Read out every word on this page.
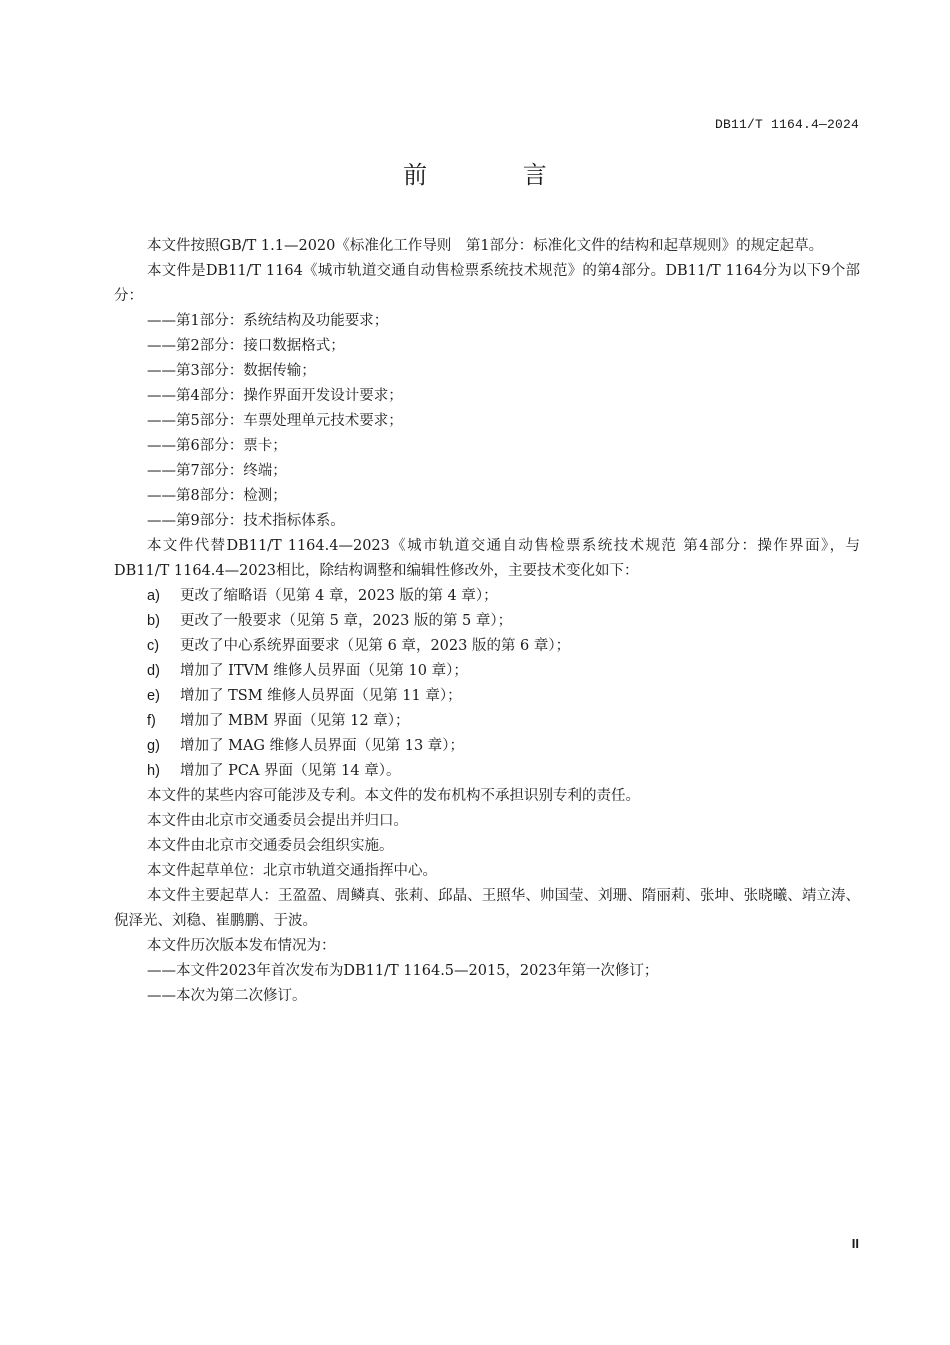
DB11/T 1164.4—2024
前 言

本文件按照GB/T 1.1—2020《标准化工作导则　第1部分：标准化文件的结构和起草规则》的规定起草。

本文件是DB11/T 1164《城市轨道交通自动售检票系统技术规范》的第4部分。DB11/T 1164分为以下9个部分：

——第1部分：系统结构及功能要求；

——第2部分：接口数据格式；

——第3部分：数据传输；

——第4部分：操作界面开发设计要求；

——第5部分：车票处理单元技术要求；

——第6部分：票卡；

——第7部分：终端；

——第8部分：检测；

——第9部分：技术指标体系。

本文件代替DB11/T 1164.4—2023《城市轨道交通自动售检票系统技术规范 第4部分：操作界面》，与DB11/T 1164.4—2023相比，除结构调整和编辑性修改外，主要技术变化如下：

a)	更改了缩略语（见第 4 章，2023 版的第 4 章）；
b)	更改了一般要求（见第 5 章，2023 版的第 5 章）；
c)	更改了中心系统界面要求（见第 6 章，2023 版的第 6 章）；
d)	增加了 ITVM 维修人员界面（见第 10 章）；
e)	增加了 TSM 维修人员界面（见第 11 章）；
f)	增加了 MBM 界面（见第 12 章）；
g)	增加了 MAG 维修人员界面（见第 13 章）；
h)	增加了 PCA 界面（见第 14 章）。

本文件的某些内容可能涉及专利。本文件的发布机构不承担识别专利的责任。

本文件由北京市交通委员会提出并归口。

本文件由北京市交通委员会组织实施。

本文件起草单位：北京市轨道交通指挥中心。

本文件主要起草人：王盈盈、周鳞真、张莉、邱晶、王照华、帅国莹、刘珊、隋丽莉、张坤、张晓曦、靖立涛、倪泽光、刘稳、崔鹏鹏、于波。

本文件历次版本发布情况为：

——本文件2023年首次发布为DB11/T 1164.5—2015，2023年第一次修订；

——本次为第二次修订。

II
